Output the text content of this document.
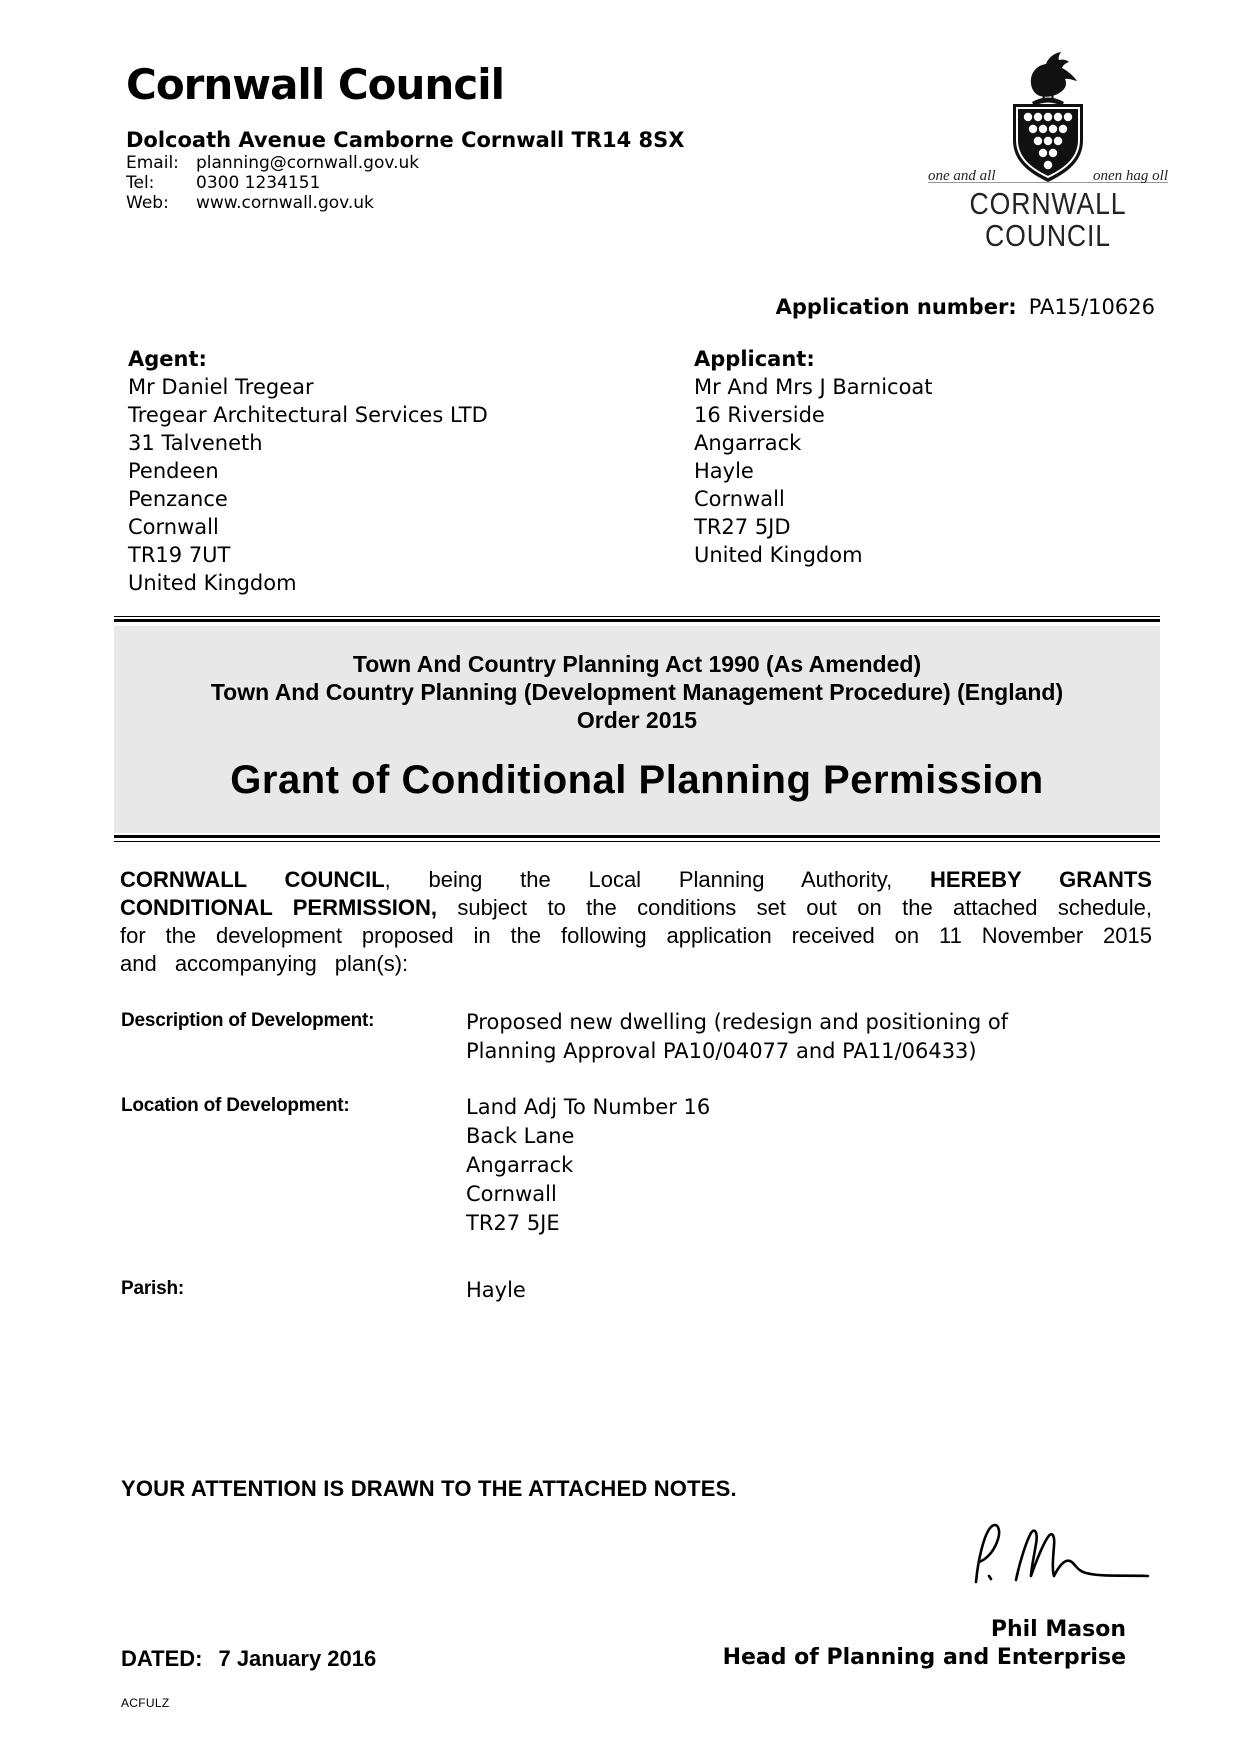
Cornwall Council
Dolcoath Avenue Camborne Cornwall TR14 8SX
Email:	planning@cornwall.gov.uk
Tel:	0300 1234151
Web:	www.cornwall.gov.uk
one and all	onen hag oll
CORNWALL
COUNCIL
Application number: PA15/10626
Agent:
Mr Daniel Tregear
Tregear Architectural Services LTD
31 Talveneth
Pendeen
Penzance
Cornwall
TR19 7UT
United Kingdom
Applicant:
Mr And Mrs J Barnicoat
16 Riverside
Angarrack
Hayle
Cornwall
TR27 5JD
United Kingdom
Town And Country Planning Act 1990 (As Amended)
Town And Country Planning (Development Management Procedure) (England)
Order 2015
Grant of Conditional Planning Permission
CORNWALL COUNCIL, being the Local Planning Authority, HEREBY GRANTS CONDITIONAL PERMISSION, subject to the conditions set out on the attached schedule, for the development proposed in the following application received on 11 November 2015 and accompanying plan(s):
Description of Development:	Proposed new dwelling (redesign and positioning of
Planning Approval PA10/04077 and PA11/06433)
Location of Development:	Land Adj To Number 16
Back Lane
Angarrack
Cornwall
TR27 5JE
Parish:	Hayle
YOUR ATTENTION IS DRAWN TO THE ATTACHED NOTES.
Phil Mason
Head of Planning and Enterprise
DATED: 7 January 2016
ACFULZ
